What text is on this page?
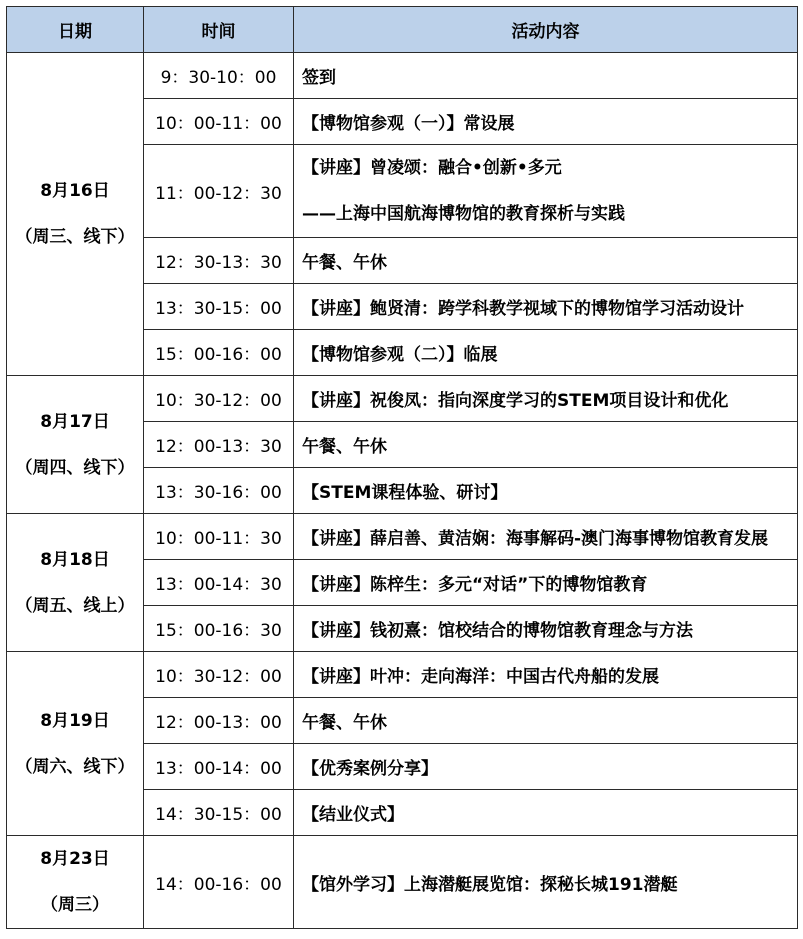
日期	时间	活动内容

8月16日
（周三、线下）	9：30-10：00	签到
	10：00-11：00	【博物馆参观（一）】常设展
	11：00-12：30	【讲座】曾凌颂：融合•创新•多元
——上海中国航海博物馆的教育探析与实践

	12：30-13：30	午餐、午休
	13：30-15：00	【讲座】鲍贤清：跨学科教学视域下的博物馆学习活动设计
	15：00-16：00	【博物馆参观（二）】临展

8月17日
（周四、线下）	10：30-12：00	【讲座】祝俊凤：指向深度学习的STEM项目设计和优化
	12：00-13：30	午餐、午休
	13：30-16：00	【STEM课程体验、研讨】

8月18日
（周五、线上）	10：00-11：30	【讲座】薛启善、黄洁娴：海事解码-澳门海事博物馆教育发展
	13：00-14：30	【讲座】陈梓生：多元“对话”下的博物馆教育
	15：00-16：30	【讲座】钱初熹：馆校结合的博物馆教育理念与方法

8月19日
（周六、线下）	10：30-12：00	【讲座】叶冲：走向海洋：中国古代舟船的发展
	12：00-13：00	午餐、午休
	13：00-14：00	【优秀案例分享】
	14：30-15：00	【结业仪式】

8月23日
（周三）	14：00-16：00	【馆外学习】上海潜艇展览馆：探秘长城191潜艇
